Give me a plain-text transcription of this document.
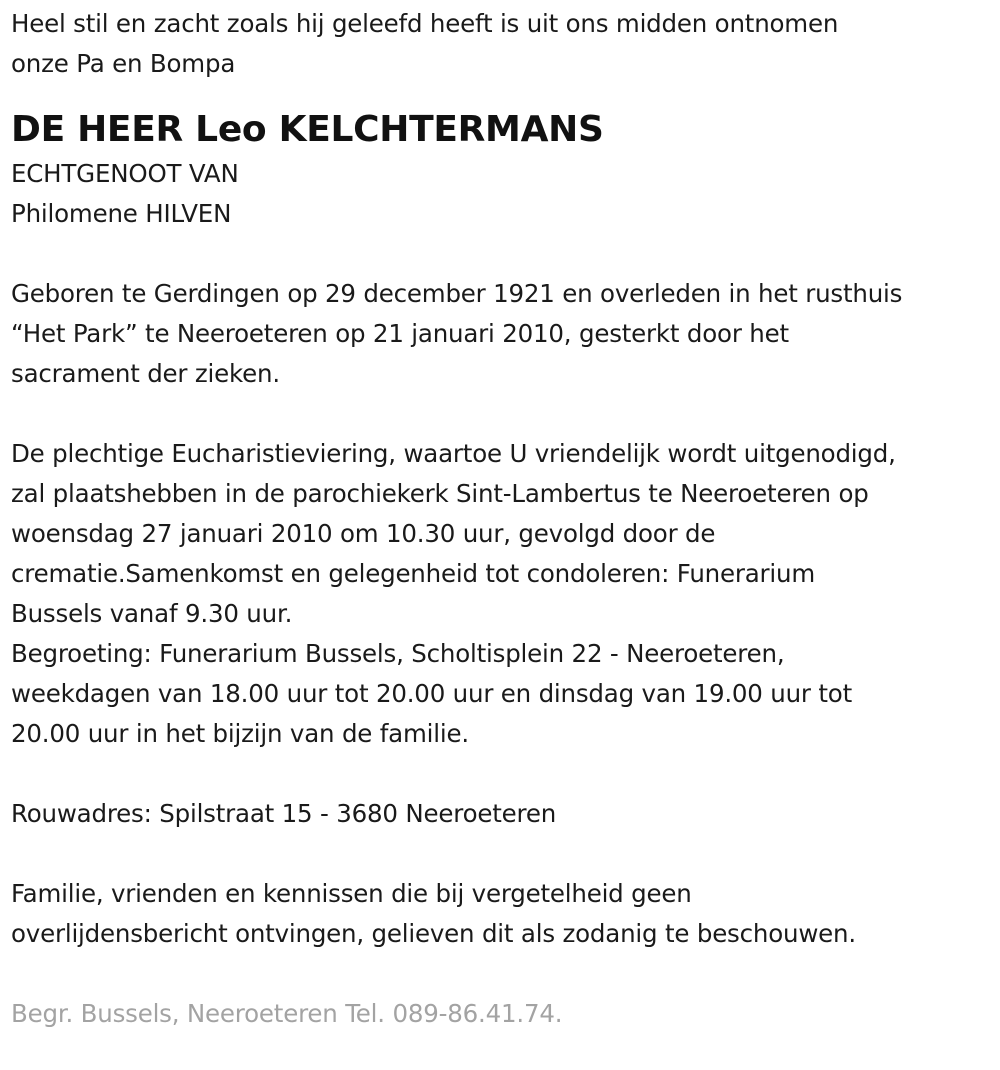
Heel stil en zacht zoals hij geleefd heeft is uit ons midden ontnomen
onze Pa en Bompa
DE HEER Leo KELCHTERMANS
ECHTGENOOT VAN
Philomene HILVEN
Geboren te Gerdingen op 29 december 1921 en overleden in het rusthuis
“Het Park” te Neeroeteren op 21 januari 2010, gesterkt door het
sacrament der zieken.
De plechtige Eucharistieviering, waartoe U vriendelijk wordt uitgenodigd,
zal plaatshebben in de parochiekerk Sint-Lambertus te Neeroeteren op
woensdag 27 januari 2010 om 10.30 uur, gevolgd door de
crematie.Samenkomst en gelegenheid tot condoleren: Funerarium
Bussels vanaf 9.30 uur.
Begroeting: Funerarium Bussels, Scholtisplein 22 - Neeroeteren,
weekdagen van 18.00 uur tot 20.00 uur en dinsdag van 19.00 uur tot
20.00 uur in het bijzijn van de familie.
Rouwadres: Spilstraat 15 - 3680 Neeroeteren
Familie, vrienden en kennissen die bij vergetelheid geen
overlijdensbericht ontvingen, gelieven dit als zodanig te beschouwen.
Begr. Bussels, Neeroeteren Tel. 089-86.41.74.
